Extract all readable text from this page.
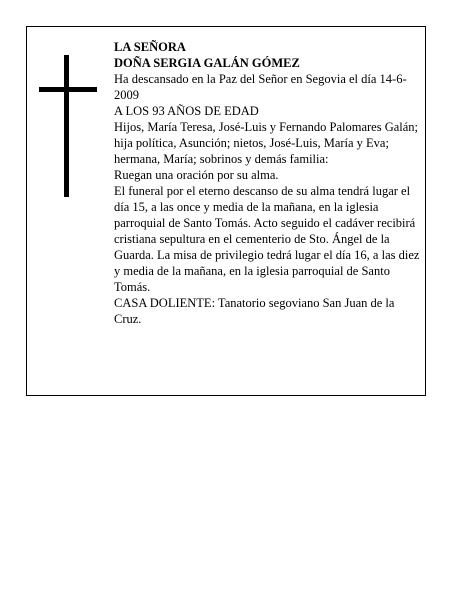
LA SEÑORA

DOÑA SERGIA GALÁN GÓMEZ

Ha descansado en la Paz del Señor en Segovia el día 14-6-2009

A LOS 93 AÑOS DE EDAD

Hijos, María Teresa, José-Luis y Fernando Palomares Galán; hija política, Asunción; nietos, José-Luis, María y Eva; hermana, María; sobrinos y demás familia:

Ruegan una oración por su alma.

El funeral por el eterno descanso de su alma tendrá lugar el día 15, a las once y media de la mañana, en la iglesia parroquial de Santo Tomás. Acto seguido el cadáver recibirá cristiana sepultura en el cementerio de Sto. Ángel de la Guarda. La misa de privilegio tedrá lugar el día 16, a las diez y media de la mañana, en la iglesia parroquial de Santo Tomás.

CASA DOLIENTE: Tanatorio segoviano San Juan de la Cruz.
